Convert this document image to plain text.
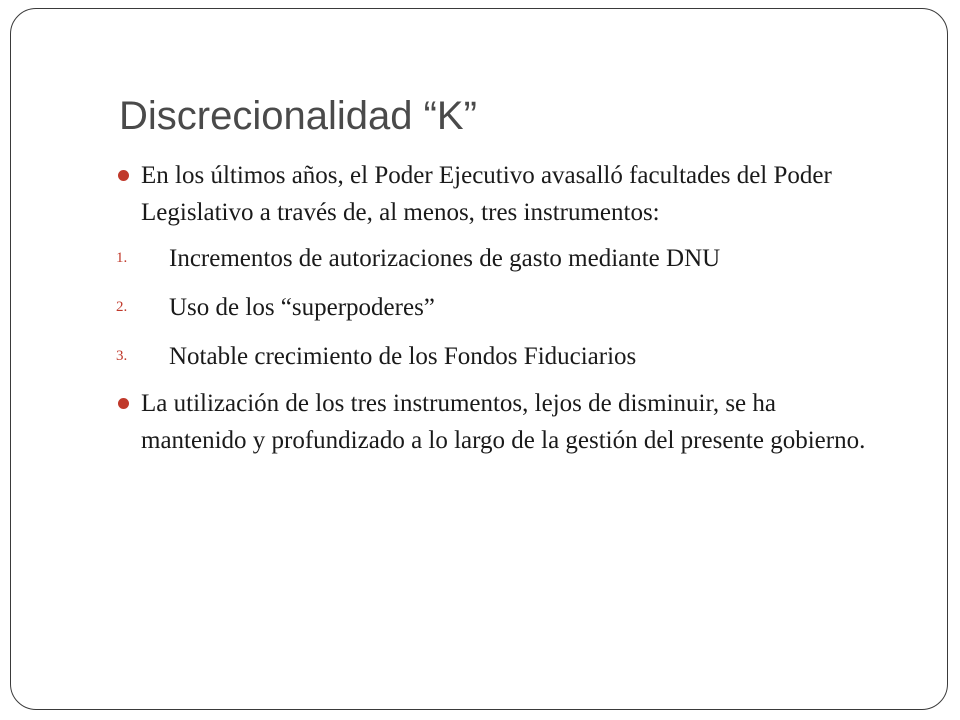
Discrecionalidad “K”
En los últimos años, el Poder Ejecutivo avasalló facultades del Poder Legislativo a través de, al menos, tres instrumentos:
1. Incrementos de autorizaciones de gasto mediante DNU
2. Uso de los “superpoderes”
3. Notable crecimiento de los Fondos Fiduciarios
La utilización de los tres instrumentos, lejos de disminuir, se ha mantenido y profundizado a lo largo de la gestión del presente gobierno.
